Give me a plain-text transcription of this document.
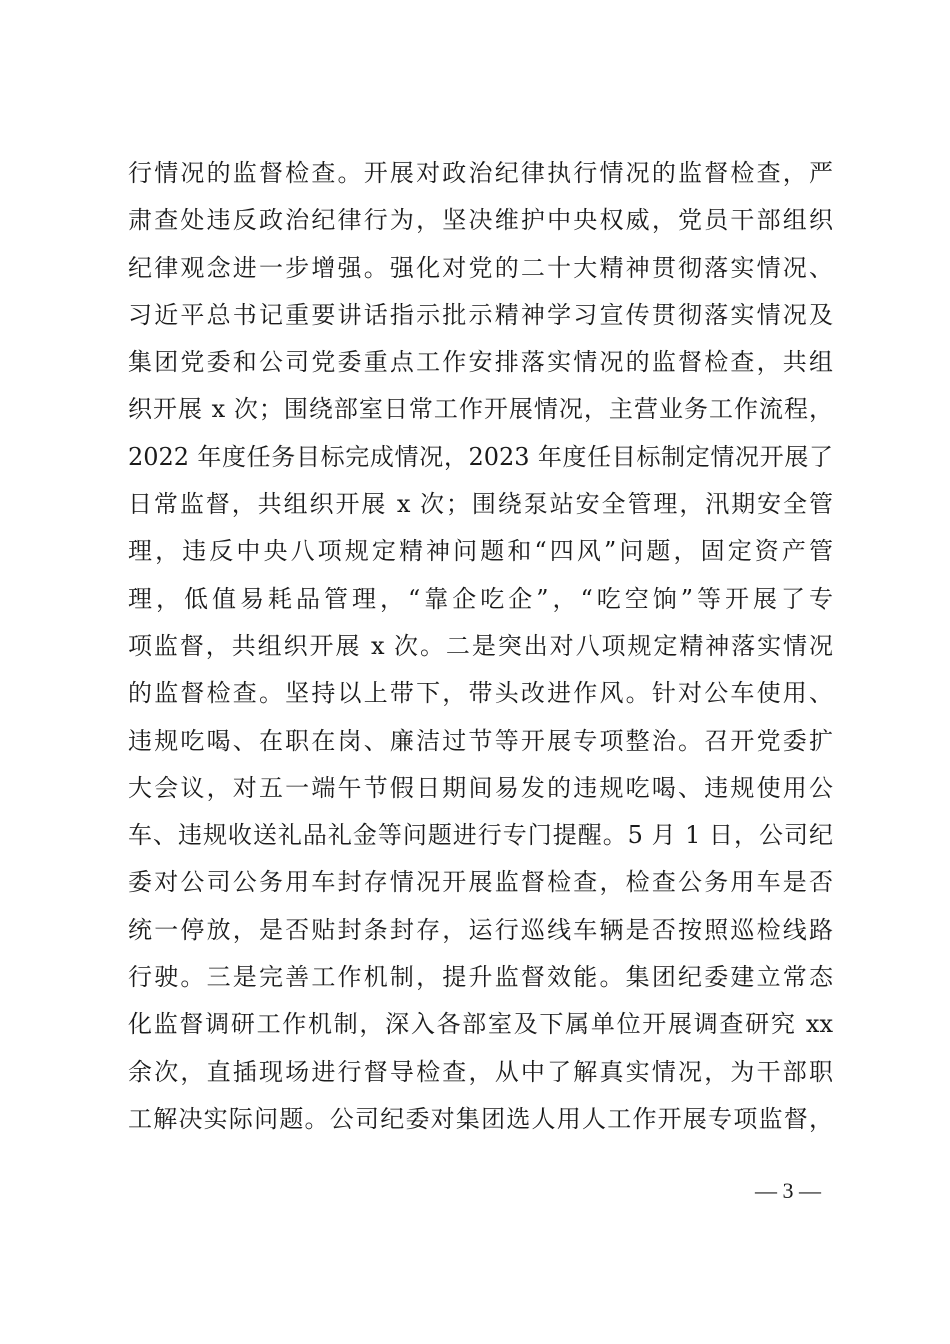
行情况的监督检查。开展对政治纪律执行情况的监督检查，严
肃查处违反政治纪律行为，坚决维护中央权威，党员干部组织
纪律观念进一步增强。强化对党的二十大精神贯彻落实情况、
习近平总书记重要讲话指示批示精神学习宣传贯彻落实情况及
集团党委和公司党委重点工作安排落实情况的监督检查，共组
织开展 x 次；围绕部室日常工作开展情况，主营业务工作流程，
2022 年度任务目标完成情况，2023 年度任目标制定情况开展了
日常监督，共组织开展 x 次；围绕泵站安全管理，汛期安全管
理，违反中央八项规定精神问题和“四风”问题，固定资产管
理，低值易耗品管理，“靠企吃企”，“吃空饷”等开展了专
项监督，共组织开展 x 次。二是突出对八项规定精神落实情况
的监督检查。坚持以上带下，带头改进作风。针对公车使用、
违规吃喝、在职在岗、廉洁过节等开展专项整治。召开党委扩
大会议，对五一端午节假日期间易发的违规吃喝、违规使用公
车、违规收送礼品礼金等问题进行专门提醒。5 月 1 日，公司纪
委对公司公务用车封存情况开展监督检查，检查公务用车是否
统一停放，是否贴封条封存，运行巡线车辆是否按照巡检线路
行驶。三是完善工作机制，提升监督效能。集团纪委建立常态
化监督调研工作机制，深入各部室及下属单位开展调查研究 xx
余次，直插现场进行督导检查，从中了解真实情况，为干部职
工解决实际问题。公司纪委对集团选人用人工作开展专项监督，
— 3 —
